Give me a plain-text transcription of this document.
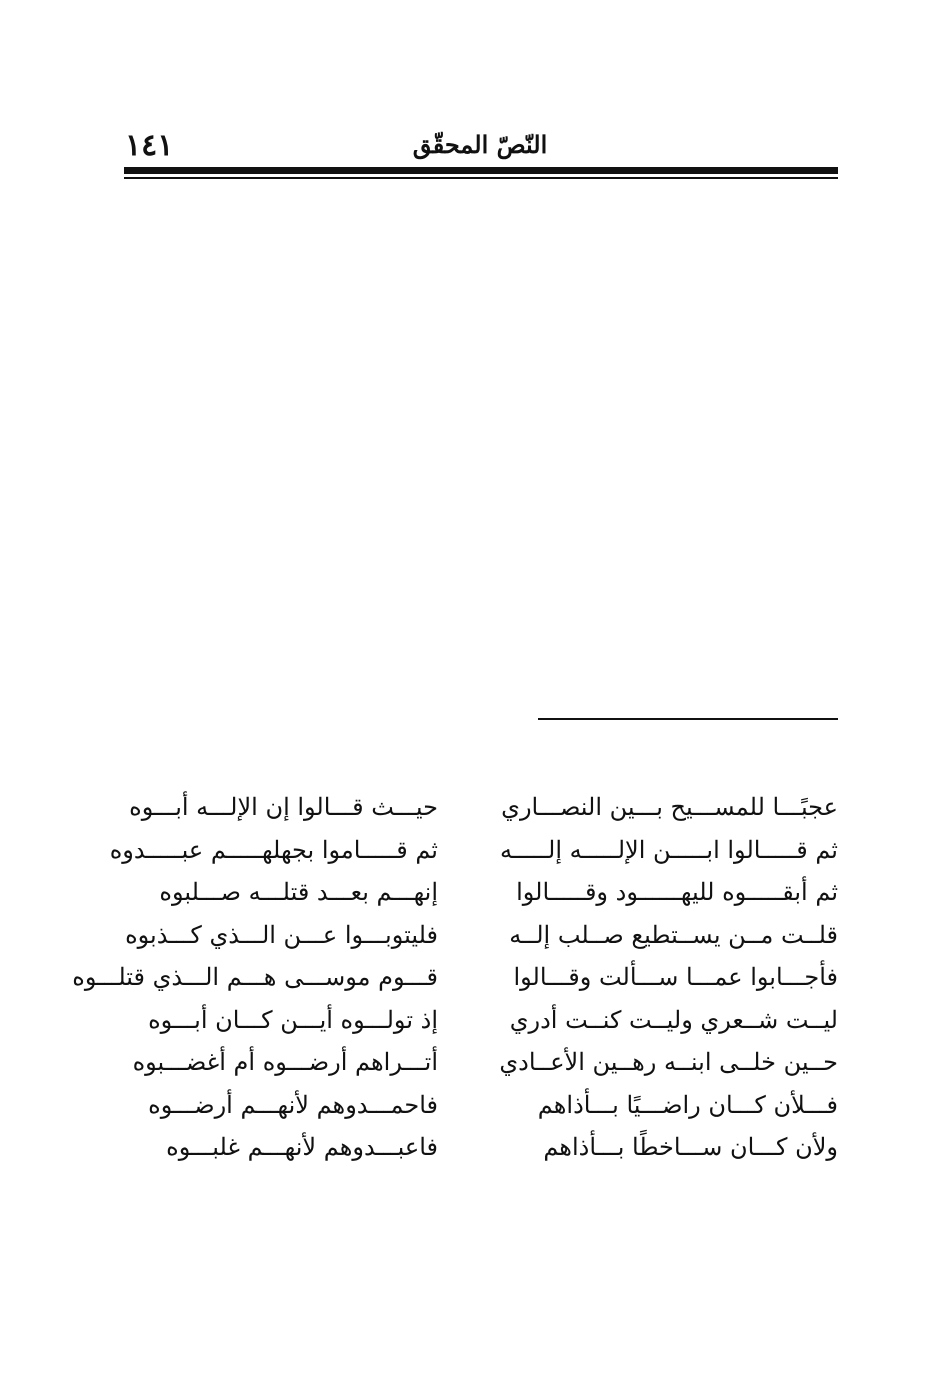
١٤١	النّصّ المحقّق
عجبًـــا للمســـيح بـــين النصـــاري
ثم قـــــالوا ابـــــن الإلـــــه إلـــــه
ثم أبقـــــوه لليهــــــود وقـــــالوا
قلــت مــن يســتطيع صــلب إلــه
فأجـــابوا عمـــا ســـألت وقـــالوا
ليــت شــعري وليــت كنــت أدري
حــين خلــى ابنــه رهــين الأعــادي
فـــلأن كـــان راضـــيًا بـــأذاهم
ولأن كـــان ســـاخطًا بـــأذاهم
حيـــث قـــالوا إن الإلـــه أبـــوه
ثم قـــــاموا بجهلهـــــم عبـــــدوه
إنهـــم بعـــد قتلـــه صـــلبوه
فليتوبـــوا عـــن الـــذي كـــذبوه
قـــوم موســـى هـــم الـــذي قتلـــوه
إذ تولـــوه أيـــن كـــان أبـــوه
أتـــراهم أرضـــوه أم أغضـــبوه
فاحمـــدوهم لأنهـــم أرضـــوه
فاعبـــدوهم لأنهـــم غلبـــوه
